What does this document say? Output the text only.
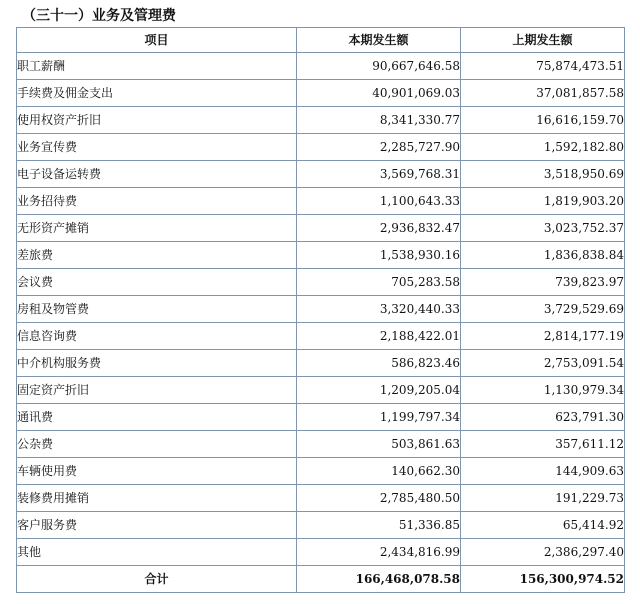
（三十一）业务及管理费
项目	本期发生额	上期发生额
职工薪酬	90,667,646.58	75,874,473.51
手续费及佣金支出	40,901,069.03	37,081,857.58
使用权资产折旧	8,341,330.77	16,616,159.70
业务宣传费	2,285,727.90	1,592,182.80
电子设备运转费	3,569,768.31	3,518,950.69
业务招待费	1,100,643.33	1,819,903.20
无形资产摊销	2,936,832.47	3,023,752.37
差旅费	1,538,930.16	1,836,838.84
会议费	705,283.58	739,823.97
房租及物管费	3,320,440.33	3,729,529.69
信息咨询费	2,188,422.01	2,814,177.19
中介机构服务费	586,823.46	2,753,091.54
固定资产折旧	1,209,205.04	1,130,979.34
通讯费	1,199,797.34	623,791.30
公杂费	503,861.63	357,611.12
车辆使用费	140,662.30	144,909.63
装修费用摊销	2,785,480.50	191,229.73
客户服务费	51,336.85	65,414.92
其他	2,434,816.99	2,386,297.40
合计	166,468,078.58	156,300,974.52
